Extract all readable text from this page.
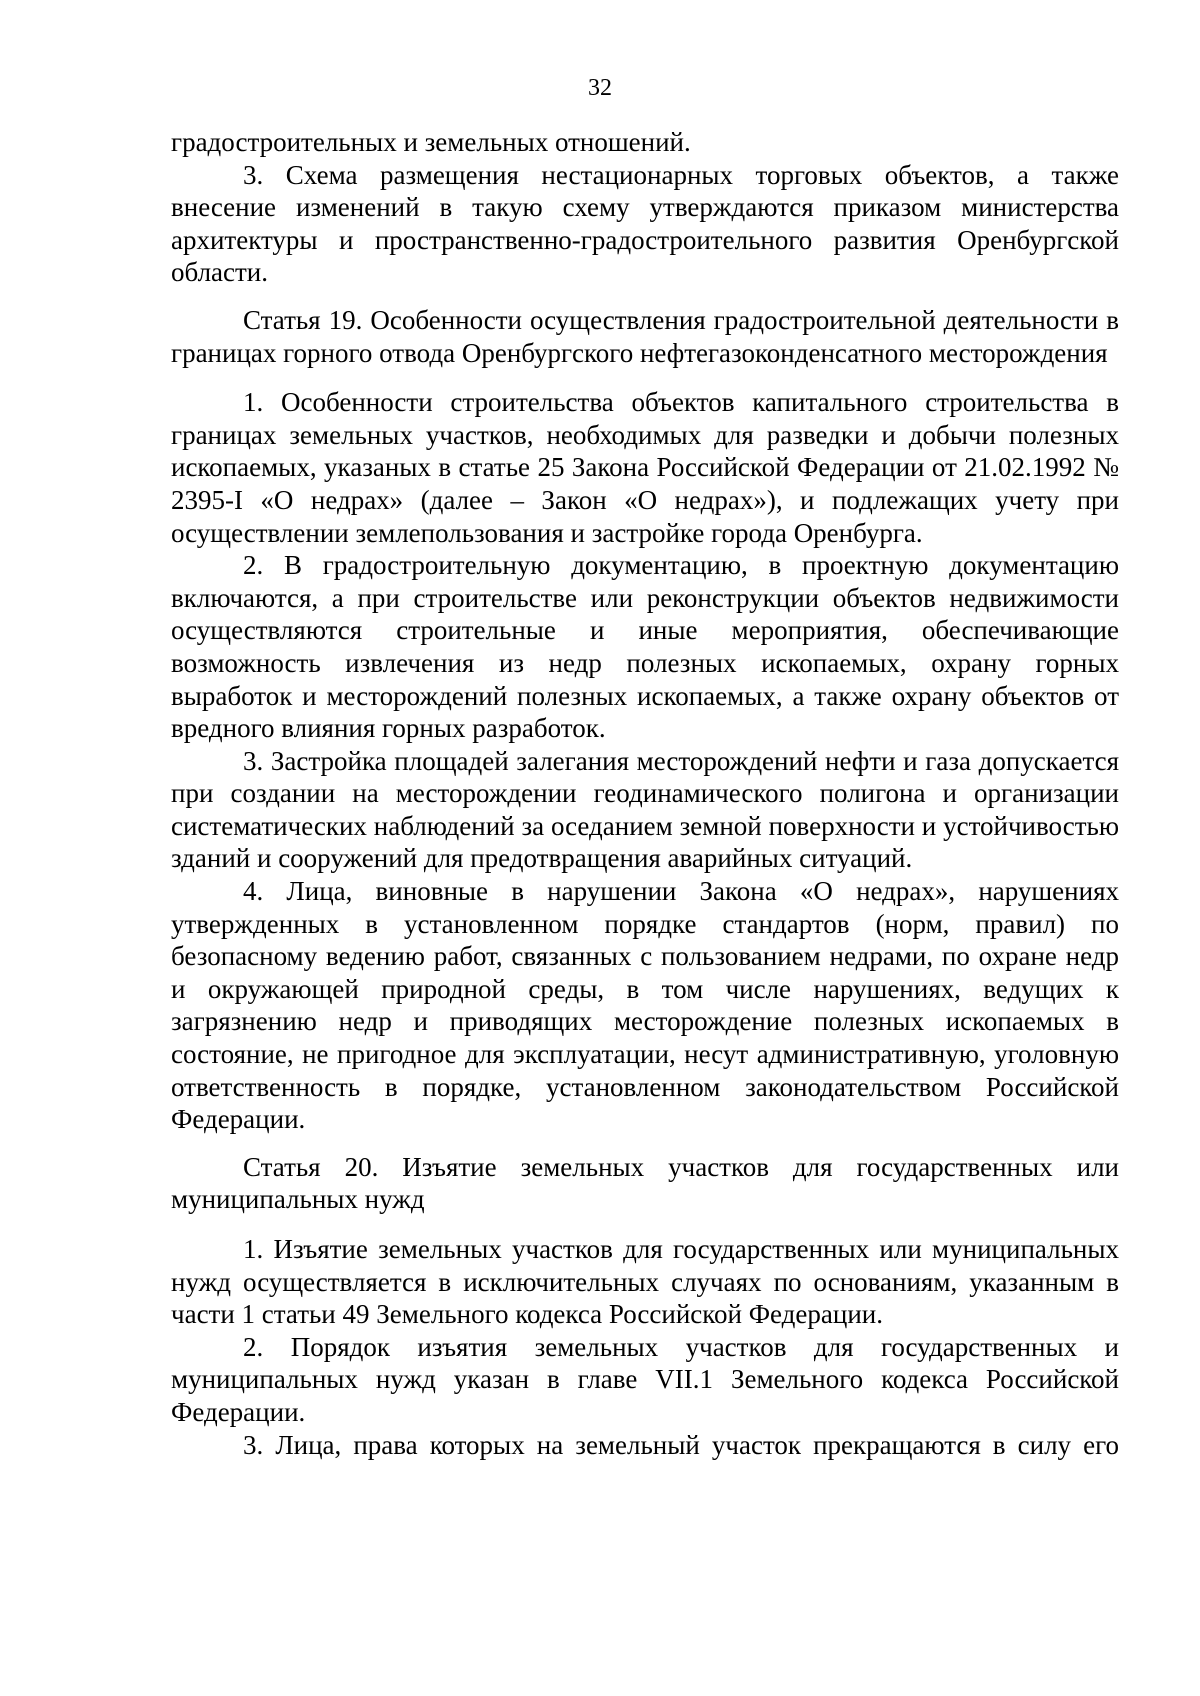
32

градостроительных и земельных отношений.

3. Схема размещения нестационарных торговых объектов, а также внесение изменений в такую схему утверждаются приказом министерства архитектуры и пространственно-градостроительного развития Оренбургской области.

Статья 19. Особенности осуществления градостроительной деятельности в границах горного отвода Оренбургского нефтегазоконденсатного месторождения

1. Особенности строительства объектов капитального строительства в границах земельных участков, необходимых для разведки и добычи полезных ископаемых, указаных в статье 25 Закона Российской Федерации от 21.02.1992 № 2395-I «О недрах» (далее – Закон «О недрах»), и подлежащих учету при осуществлении землепользования и застройке города Оренбурга.

2. В градостроительную документацию, в проектную документацию включаются, а при строительстве или реконструкции объектов недвижимости осуществляются строительные и иные мероприятия, обеспечивающие возможность извлечения из недр полезных ископаемых, охрану горных выработок и месторождений полезных ископаемых, а также охрану объектов от вредного влияния горных разработок.

3. Застройка площадей залегания месторождений нефти и газа допускается при создании на месторождении геодинамического полигона и организации систематических наблюдений за оседанием земной поверхности и устойчивостью зданий и сооружений для предотвращения аварийных ситуаций.

4. Лица, виновные в нарушении Закона «О недрах», нарушениях утвержденных в установленном порядке стандартов (норм, правил) по безопасному ведению работ, связанных с пользованием недрами, по охране недр и окружающей природной среды, в том числе нарушениях, ведущих к загрязнению недр и приводящих месторождение полезных ископаемых в состояние, не пригодное для эксплуатации, несут административную, уголовную ответственность в порядке, установленном законодательством Российской Федерации.

Статья 20. Изъятие земельных участков для государственных или муниципальных нужд

1. Изъятие земельных участков для государственных или муниципальных нужд осуществляется в исключительных случаях по основаниям, указанным в части 1 статьи 49 Земельного кодекса Российской Федерации.

2. Порядок изъятия земельных участков для государственных и муниципальных нужд указан в главе VII.1 Земельного кодекса Российской Федерации.

3. Лица, права которых на земельный участок прекращаются в силу его
